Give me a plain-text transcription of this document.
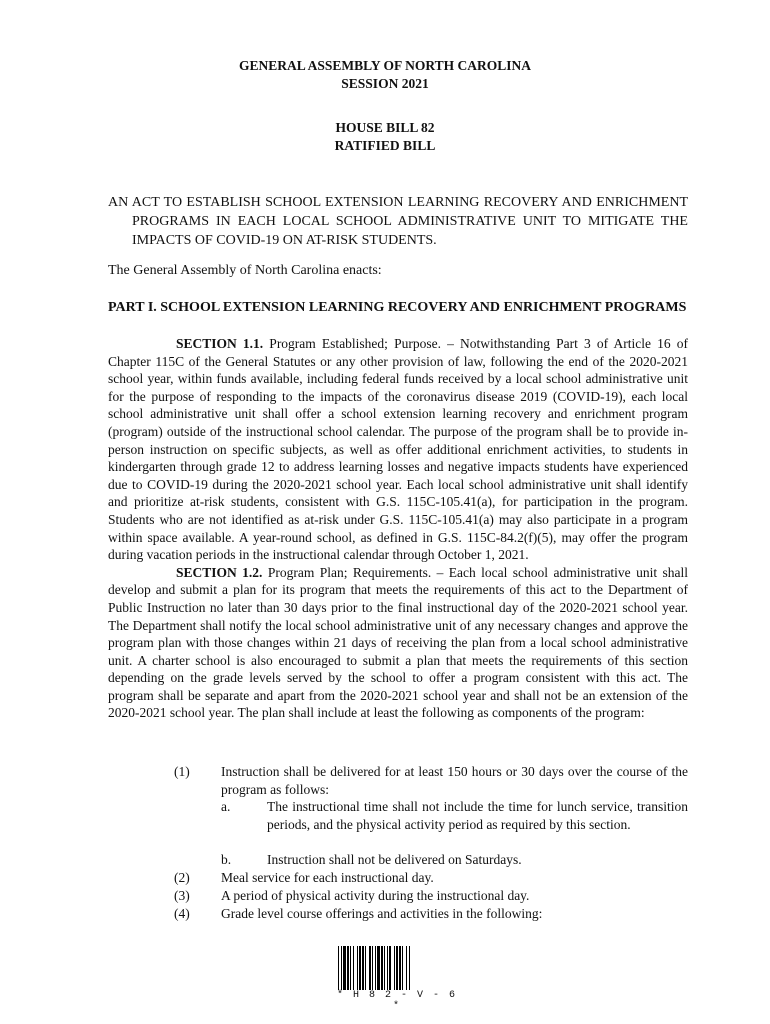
GENERAL ASSEMBLY OF NORTH CAROLINA
SESSION 2021
HOUSE BILL 82
RATIFIED BILL
AN ACT TO ESTABLISH SCHOOL EXTENSION LEARNING RECOVERY AND ENRICHMENT PROGRAMS IN EACH LOCAL SCHOOL ADMINISTRATIVE UNIT TO MITIGATE THE IMPACTS OF COVID-19 ON AT-RISK STUDENTS.
The General Assembly of North Carolina enacts:
PART I. SCHOOL EXTENSION LEARNING RECOVERY AND ENRICHMENT PROGRAMS

SECTION 1.1. Program Established; Purpose. – Notwithstanding Part 3 of Article 16 of Chapter 115C of the General Statutes or any other provision of law, following the end of the 2020-2021 school year, within funds available, including federal funds received by a local school administrative unit for the purpose of responding to the impacts of the coronavirus disease 2019 (COVID-19), each local school administrative unit shall offer a school extension learning recovery and enrichment program (program) outside of the instructional school calendar. The purpose of the program shall be to provide in-person instruction on specific subjects, as well as offer additional enrichment activities, to students in kindergarten through grade 12 to address learning losses and negative impacts students have experienced due to COVID-19 during the 2020-2021 school year. Each local school administrative unit shall identify and prioritize at-risk students, consistent with G.S. 115C-105.41(a), for participation in the program. Students who are not identified as at-risk under G.S. 115C-105.41(a) may also participate in a program within space available. A year-round school, as defined in G.S. 115C-84.2(f)(5), may offer the program during vacation periods in the instructional calendar through October 1, 2021.

SECTION 1.2. Program Plan; Requirements. – Each local school administrative unit shall develop and submit a plan for its program that meets the requirements of this act to the Department of Public Instruction no later than 30 days prior to the final instructional day of the 2020-2021 school year. The Department shall notify the local school administrative unit of any necessary changes and approve the program plan with those changes within 21 days of receiving the plan from a local school administrative unit. A charter school is also encouraged to submit a plan that meets the requirements of this section depending on the grade levels served by the school to offer a program consistent with this act. The program shall be separate and apart from the 2020-2021 school year and shall not be an extension of the 2020-2021 school year. The plan shall include at least the following as components of the program:

(1) Instruction shall be delivered for at least 150 hours or 30 days over the course of the program as follows:
a.	The instructional time shall not include the time for lunch service, transition periods, and the physical activity period as required by this section.
b.	Instruction shall not be delivered on Saturdays.
(2) Meal service for each instructional day.
(3) A period of physical activity during the instructional day.
(4) Grade level course offerings and activities in the following:
* H 8 2 - V - 6 *
